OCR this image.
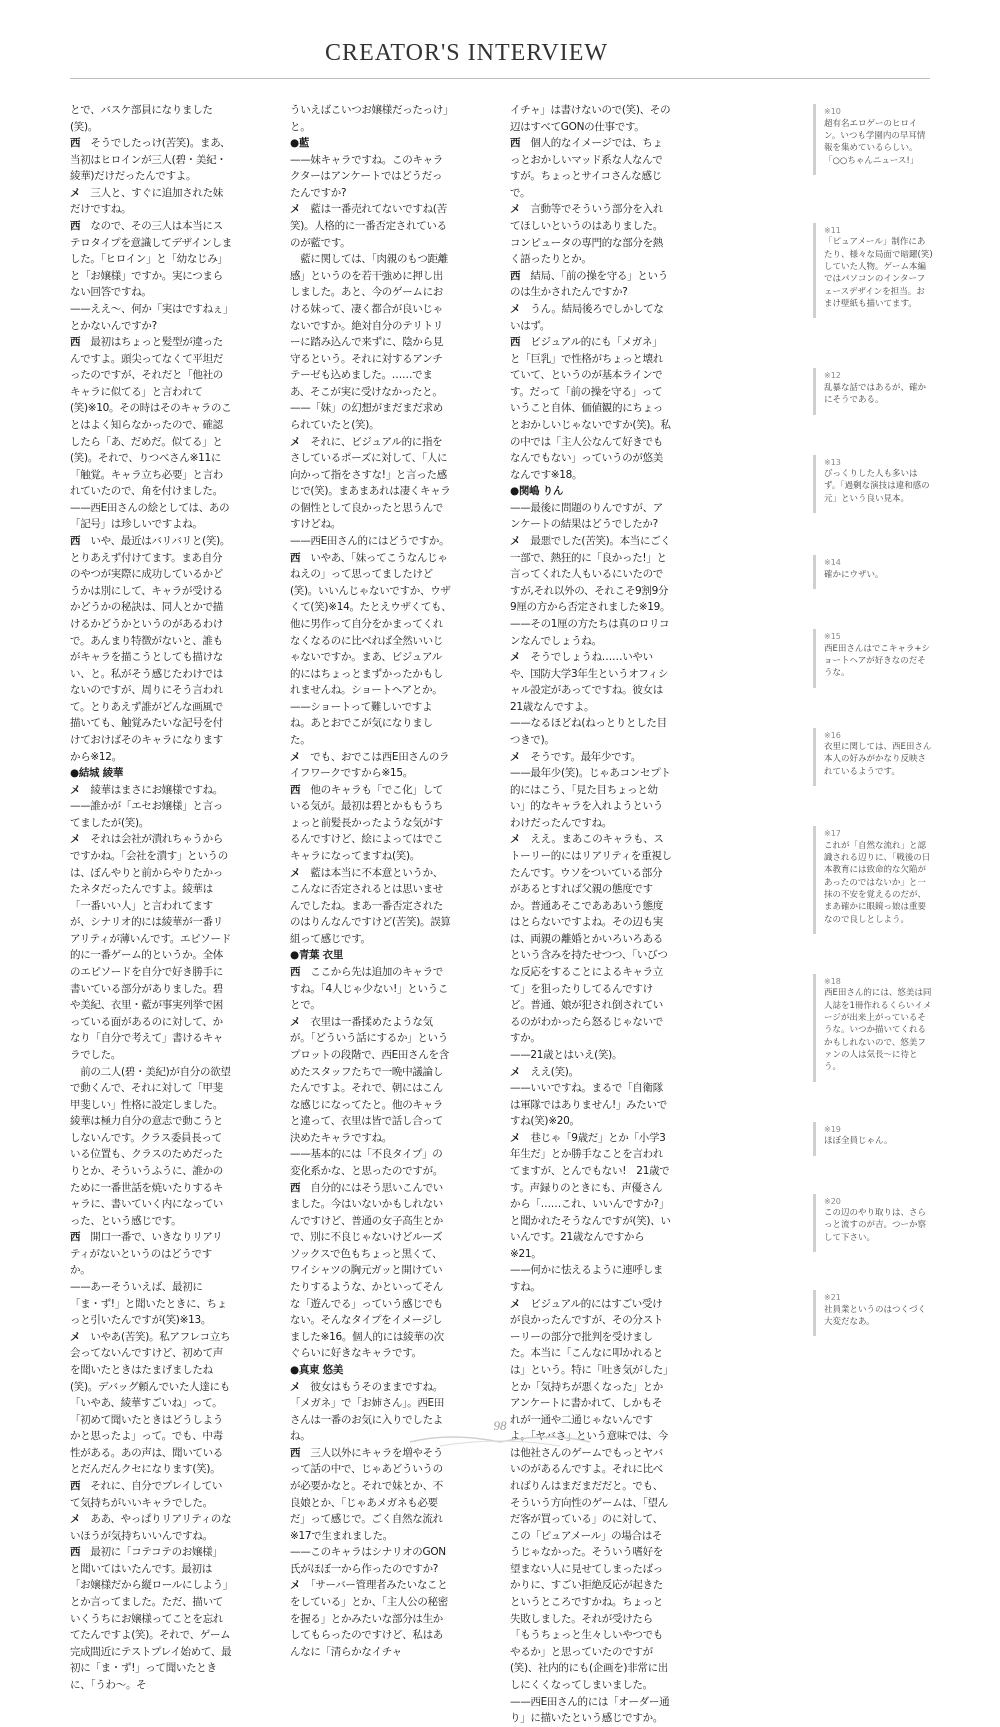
CREATOR'S INTERVIEW

とで、バスケ部員になりました(笑)。

西　 そうでしたっけ(苦笑)。まあ、当初はヒロインが三人(碧・美紀・綾華)だけだったんですよ。

メ　 三人と、すぐに追加された妹だけですね。

西　 なので、その三人は本当にステロタイプを意識してデザインしました。「ヒロイン」と「幼なじみ」と「お嬢様」ですか。実につまらない回答ですね。

——ええ～、何か「実はですねぇ」とかないんですか?

西　 最初はちょっと髪型が違ったんですよ。頭尖ってなくて平坦だったのですが、それだと「他社のキャラに似てる」と言われて(笑)※10。その時はそのキャラのことはよく知らなかったので、確認したら「あ、だめだ。似てる」と(笑)。それで、りつべさん※11に「触覚。キャラ立ち必要」と言われていたので、角を付けました。

——西E田さんの絵としては、あの「記号」は珍しいですよね。

西　 いや、最近はバリバリと(笑)。とりあえず付けてます。まあ自分のやつが実際に成功しているかどうかは別にして、キャラが受けるかどうかの秘訣は、同人とかで描けるかどうかというのがあるわけで。あんまり特徴がないと、誰もがキャラを描こうとしても描けない、と。私がそう感じたわけではないのですが、周りにそう言われて。とりあえず誰がどんな画風で描いても、触覚みたいな記号を付けておけばそのキャラになりますから※12。

●結城 綾華

メ　 綾華はまさにお嬢様ですね。

——誰かが「エセお嬢様」と言ってましたが(笑)。

メ　 それは会社が潰れちゃうからですかね。「会社を潰す」というのは、ぼんやりと前からやりたかったネタだったんですよ。綾華は「一番いい人」と言われてますが、シナリオ的には綾華が一番リアリティが薄いんです。エピソード的に一番ゲーム的というか。全体のエピソードを自分で好き勝手に書いている部分がありました。碧や美紀、衣里・藍が事実列挙で困っている面があるのに対して、かなり「自分で考えて」書けるキャラでした。

　前の二人(碧・美紀)が自分の欲望で動くんで、それに対して「甲斐甲斐しい」性格に設定しました。綾華は極力自分の意志で動こうとしないんです。クラス委員長っている位置も、クラスのためだったりとか、そういうふうに、誰かのために一番世話を焼いたりするキャラに、書いていく内になっていった、という感じです。

西　 開口一番で、いきなりリアリティがないというのはどうですか。

——あーそういえば、最初に「ま・ず!」と聞いたときに、ちょっと引いたんですが(笑)※13。

メ　 いやあ(苦笑)。私アフレコ立ち会ってないんですけど、初めて声を聞いたときはたまげましたね(笑)。デバッグ頼んでいた人達にも「いやあ、綾華すごいね」って。「初めて聞いたときはどうしようかと思ったよ」って。でも、中毒性がある。あの声は、聞いているとだんだんクセになります(笑)。

西　 それに、自分でプレイしていて気持ちがいいキャラでした。

メ　 ああ、やっぱりリアリティのないほうが気持ちいいんですね。

西　 最初に「コテコテのお嬢様」と聞いてはいたんです。最初は「お嬢様だから縦ロールにしよう」とか言ってました。ただ、描いていくうちにお嬢様ってことを忘れてたんですよ(笑)。それで、ゲーム完成間近にテストプレイ始めて、最初に「ま・ず!」って聞いたときに、「うわ～。そ

ういえばこいつお嬢様だったっけ」と。

●藍

——妹キャラですね。このキャラクターはアンケートではどうだったんですか?

メ　 藍は一番売れてないですね(苦笑)。人格的に一番否定されているのが藍です。

　藍に関しては、「肉親のもつ距離感」というのを若干強めに押し出しました。あと、今のゲームにおける妹って、凄く都合が良いじゃないですか。絶対自分のテリトリーに踏み込んで来ずに、陰から見守るという。それに対するアンチテーゼも込めました。……でまあ、そこが実に受けなかったと。

——「妹」の幻想がまだまだ求められていたと(笑)。

メ　 それに、ビジュアル的に指をさしているポーズに対して、「人に向かって指をさすな!」と言った感じで(笑)。まあまあれは凄くキャラの個性として良かったと思うんですけどね。

——西E田さん的にはどうですか。

西　 いやあ、「妹ってこうなんじゃねえの」って思ってましたけど(笑)。いいんじゃないですか、ウザくて(笑)※14。たとえウザくても、他に男作って自分をかまってくれなくなるのに比べれば全然いいじゃないですか。まあ、ビジュアル的にはちょっとまずかったかもしれませんね。ショートヘアとか。

——ショートって難しいですよね。あとおでこが気になりました。

メ　 でも、おでこは西E田さんのライフワークですから※15。

西　 他のキャラも「でこ化」している気が。最初は碧とかももうちょっと前髪長かったような気がするんですけど、絵によってはでこキャラになってますね(笑)。

メ　 藍は本当に不本意というか、こんなに否定されるとは思いませんでしたね。まあ一番否定されたのはりんなんですけど(苦笑)。誤算組って感じです。

●青葉 衣里

西　 ここから先は追加のキャラですね。「4人じゃ少ない!」ということで。

メ　 衣里は一番揉めたような気が。「どういう話にするか」というプロットの段階で、西E田さんを含めたスタッフたちで一晩中議論したんですよ。それで、朝にはこんな感じになってたと。他のキャラと違って、衣里は皆で話し合って決めたキャラですね。

——基本的には「不良タイプ」の変化系かな、と思ったのですが。

西　 自分的にはそう思いこんでいました。今はいないかもしれないんですけど、普通の女子高生とかで、別に不良じゃないけどルーズソックスで色もちょっと黒くて、ワイシャツの胸元ガッと開けていたりするような、かといってそんな「遊んでる」っていう感じでもない。そんなタイプをイメージしました※16。個人的には綾華の次ぐらいに好きなキャラです。

●真東 悠美

メ　 彼女はもうそのままですね。「メガネ」で「お姉さん」。西E田さんは一番のお気に入りでしたよね。

西　 三人以外にキャラを増やそうって話の中で、じゃあどういうのが必要かなと。それで妹とか、不良娘とか、「じゃあメガネも必要だ」って感じで。ごく自然な流れ※17で生まれました。

——このキャラはシナリオのGON氏がほぼ一から作ったのですか?

メ　 「サーバー管理者みたいなことをしている」とか、「主人公の秘密を握る」とかみたいな部分は生かしてもらったのですけど、私はあんなに「清らかなイチャ

イチャ」は書けないので(笑)、その辺はすべてGONの仕事です。

西　 個人的なイメージでは、ちょっとおかしいマッド系な人なんですが。ちょっとサイコさんな感じで。

メ　 言動等でそういう部分を入れてほしいというのはありました。コンピュータの専門的な部分を熱く語ったりとか。

西　 結局、「前の操を守る」というのは生かされたんですか?

メ　 うん。結局後ろでしかしてないはず。

西　 ビジュアル的にも「メガネ」と「巨乳」で性格がちょっと壊れていて、というのが基本ラインです。だって「前の操を守る」っていうこと自体、価値観的にちょっとおかしいじゃないですか(笑)。私の中では「主人公なんて好きでもなんでもない」っていうのが悠美なんです※18。

●関嶋 りん

——最後に問題のりんですが、アンケートの結果はどうでしたか?

メ　 最悪でした(苦笑)。本当にごく一部で、熱狂的に「良かった!」と言ってくれた人もいるにいたのですが,それ以外の、それこそ9割9分9厘の方から否定されました※19。

——その1厘の方たちは真のロリコンなんでしょうね。

メ　 そうでしょうね……いやいや、国防大学3年生というオフィシャル設定があってですね。彼女は21歳なんですよ。

——なるほどね(ねっとりとした目つきで)。

メ　 そうです。最年少です。

——最年少(笑)。じゃあコンセプト的にはこう、「見た目ちょっと幼い」的なキャラを入れようというわけだったんですね。

メ　 ええ。まあこのキャラも、ストーリー的にはリアリティを重視したんです。ウソをついている部分があるとすれば父親の態度ですか。普通あそこであああいう態度はとらないですよね。その辺も実は、両親の離婚とかいろいろあるという含みを持たせつつ、「いびつな反応をすることによるキャラ立て」を狙ったりしてるんですけど。普通、娘が犯され倒されているのがわかったら怒るじゃないですか。

——21歳とはいえ(笑)。

メ　 ええ(笑)。

——いいですね。まるで「自衛隊は軍隊ではありません!」みたいですね(笑)※20。

メ　 巷じゃ「9歳だ」とか「小学3年生だ」とか勝手なことを言われてますが、とんでもない!　21歳です。声録りのときにも、声優さんから「……これ、いいんですか?」と聞かれたそうなんですが(笑)、いいんです。21歳なんですから※21。

——何かに怯えるように連呼しますね。

メ　 ビジュアル的にはすごい受けが良かったんですが、その分ストーリーの部分で批判を受けました。本当に「こんなに叩かれるとは」という。特に「吐き気がした」とか「気持ちが悪くなった」とかアンケートに書かれて、しかもそれが一通や二通じゃないんですよ。「ヤバさ」という意味では、今は他社さんのゲームでもっとヤバいのがあるんですよ。それに比べればりんはまだまだだと。でも、そういう方向性のゲームは、「望んだ客が買っている」のに対して、この「ピュアメール」の場合はそうじゃなかった。そういう嗜好を望まない人に見せてしまったばっかりに、すごい拒絶反応が起きたというところですかね。ちょっと失敗しました。それが受けたら「もうちょっと生々しいやつでもやるか」と思っていたのですが(笑)、社内的にも(企画を)非常に出しにくくなってしまいました。

——西E田さん的には「オーダー通り」に描いたという感じですか。

※10
超有名エロゲーのヒロイン。いつも学園内の早耳情報を集めているらしい。「○○ちゃんニュース!」
※11
「ピュアメール」制作にあたり、様々な局面で暗躍(笑)していた人物。ゲーム本編ではパソコンのインターフェースデザインを担当。おまけ壁紙も描いてます。
※12
乱暴な話ではあるが、確かにそうである。
※13
びっくりした人も多いはず。「過剰な演技は違和感の元」という良い見本。
※14
確かにウザい。
※15
西E田さんはでこキャラ+ショートヘアが好きなのだそうな。
※16
衣里に関しては、西E田さん本人の好みがかなり反映されているようです。
※17
これが「自然な流れ」と認識される辺りに、「戦後の日本教育には致命的な欠陥があったのではないか」と一抹の不安を覚えるのだが、まあ確かに眼鏡っ娘は重要なので良しとしよう。
※18
西E田さん的には、悠美は同人誌を1冊作れるくらいイメージが出来上がっているそうな。いつか描いてくれるかもしれないので、悠美ファンの人は気長～に待とう。
※19
ほぼ全員じゃん。
※20
この辺のやり取りは、さらっと流すのが吉。つーか察して下さい。
※21
社員業というのはつくづく大変だなあ。
98
